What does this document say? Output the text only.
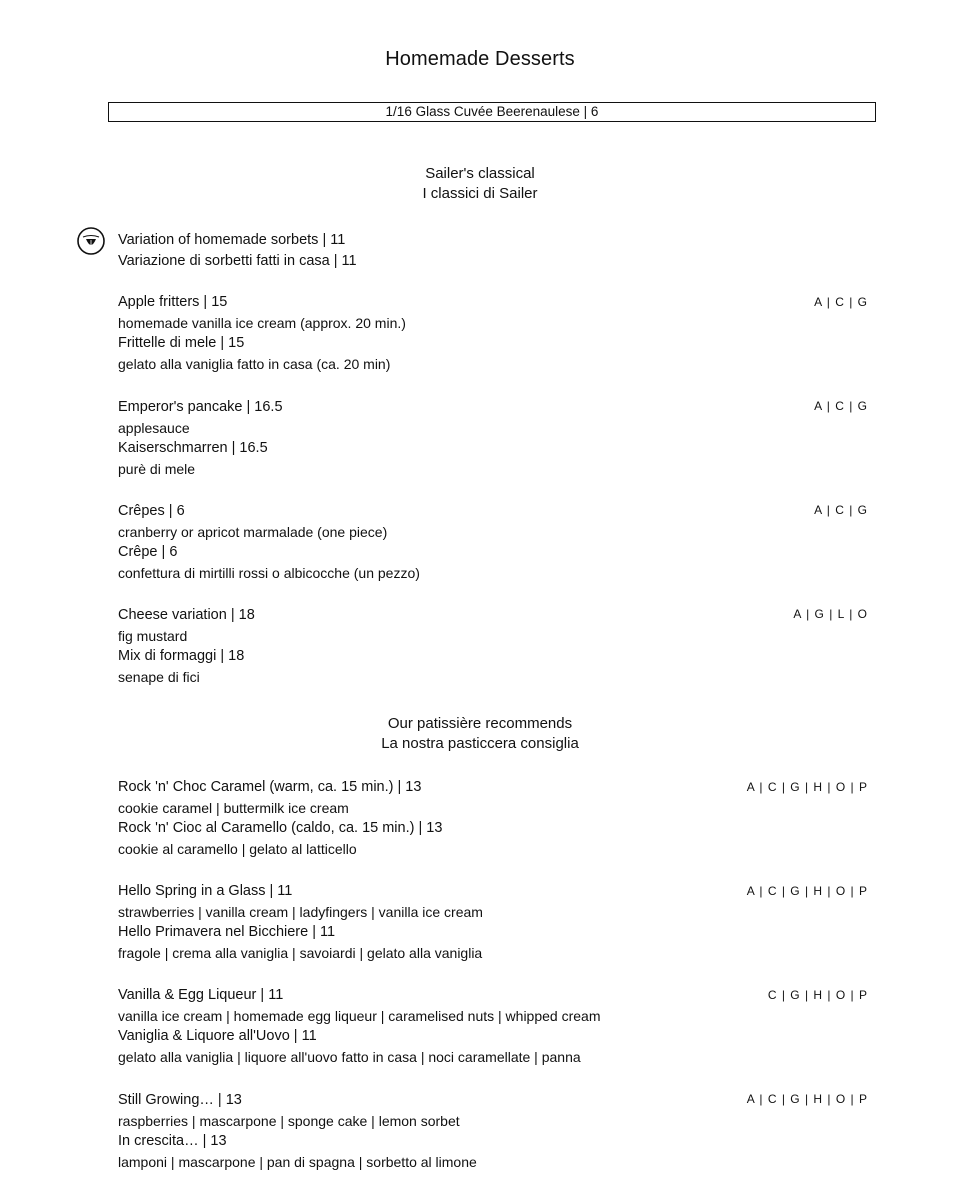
Homemade Desserts
1/16 Glass Cuvée Beerenaulese | 6
Sailer's classical
I classici di Sailer
Variation of homemade sorbets | 11
Variazione di sorbetti fatti in casa | 11
Apple fritters | 15
homemade vanilla ice cream (approx. 20 min.)
Frittelle di mele | 15
gelato alla vaniglia fatto in casa (ca. 20 min)
A | C | G
Emperor's pancake | 16.5
applesauce
Kaiserschmarren | 16.5
purè di mele
A | C | G
Crêpes | 6
cranberry or apricot marmalade (one piece)
Crêpe | 6
confettura di mirtilli rossi o albicocche (un pezzo)
A | C | G
Cheese variation | 18
fig mustard
Mix di formaggi | 18
senape di fici
A | G | L | O
Our patissière recommends
La nostra pasticcera consiglia
Rock 'n' Choc Caramel (warm, ca. 15 min.) | 13
cookie caramel | buttermilk ice cream
Rock 'n' Cioc al Caramello (caldo, ca. 15 min.) | 13
cookie al caramello | gelato al latticello
A | C | G | H | O | P
Hello Spring in a Glass | 11
strawberries | vanilla cream | ladyfingers | vanilla ice cream
Hello Primavera nel Bicchiere | 11
fragole | crema alla vaniglia | savoiardi | gelato alla vaniglia
A | C | G | H | O | P
Vanilla & Egg Liqueur | 11
vanilla ice cream | homemade egg liqueur | caramelised nuts | whipped cream
Vaniglia & Liquore all'Uovo | 11
gelato alla vaniglia | liquore all'uovo fatto in casa | noci caramellate | panna
C | G | H | O | P
Still Growing… | 13
raspberries | mascarpone | sponge cake | lemon sorbet
In crescita… | 13
lamponi | mascarpone | pan di spagna | sorbetto al limone
A | C | G | H | O | P
